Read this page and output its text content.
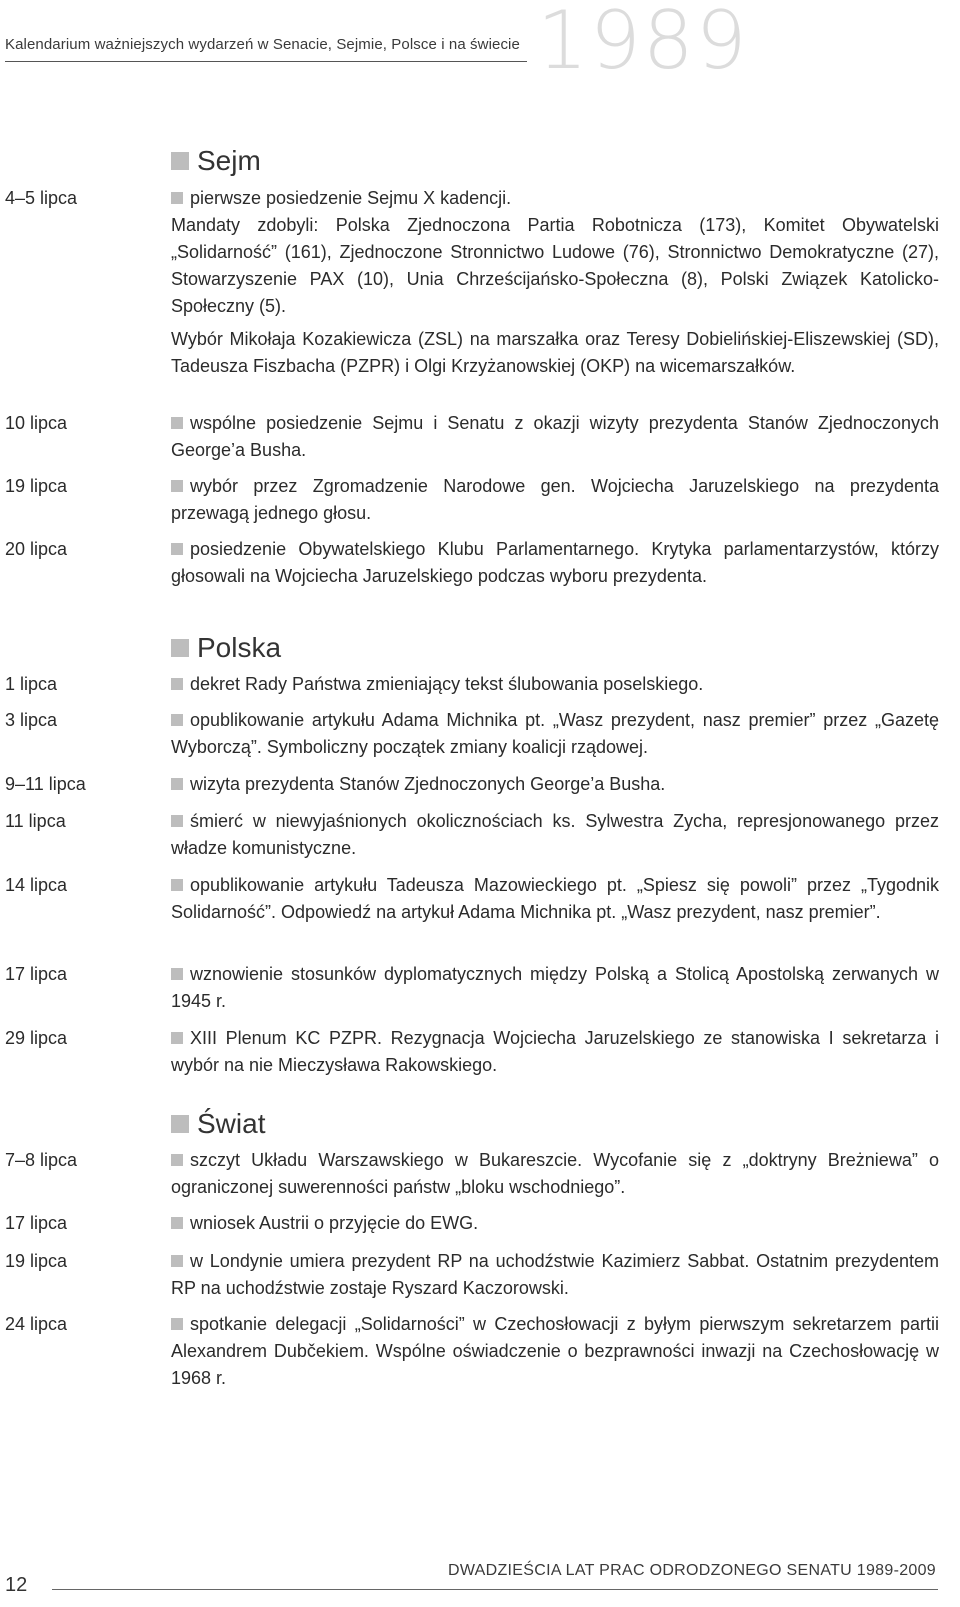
Kalendarium ważniejszych wydarzeń w Senacie, Sejmie, Polsce i na świecie 1989
Sejm
4–5 lipca	pierwsze posiedzenie Sejmu X kadencji.
Mandaty zdobyli: Polska Zjednoczona Partia Robotnicza (173), Komitet Obywatelski „Solidarność” (161), Zjednoczone Stronnictwo Ludowe (76), Stronnictwo Demokratyczne (27), Stowarzyszenie PAX (10), Unia Chrześcijańsko-Społeczna (8), Polski Związek Katolicko-Społeczny (5).

Wybór Mikołaja Kozakiewicza (ZSL) na marszałka oraz Teresy Dobielińskiej-Eliszewskiej (SD), Tadeusza Fiszbacha (PZPR) i Olgi Krzyżanowskiej (OKP) na wicemarszałków.

10 lipca	wspólne posiedzenie Sejmu i Senatu z okazji wizyty prezydenta Stanów Zjednoczonych George’a Busha.
19 lipca	wybór przez Zgromadzenie Narodowe gen. Wojciecha Jaruzelskiego na prezydenta przewagą jednego głosu.
20 lipca	posiedzenie Obywatelskiego Klubu Parlamentarnego. Krytyka parlamentarzystów, którzy głosowali na Wojciecha Jaruzelskiego podczas wyboru prezydenta.
Polska
1 lipca	dekret Rady Państwa zmieniający tekst ślubowania poselskiego.
3 lipca	opublikowanie artykułu Adama Michnika pt. „Wasz prezydent, nasz premier” przez „Gazetę Wyborczą”. Symboliczny początek zmiany koalicji rządowej.
9–11 lipca	wizyta prezydenta Stanów Zjednoczonych George’a Busha.
11 lipca	śmierć w niewyjaśnionych okolicznościach ks. Sylwestra Zycha, represjonowanego przez władze komunistyczne.
14 lipca	opublikowanie artykułu Tadeusza Mazowieckiego pt. „Spiesz się powoli” przez „Tygodnik Solidarność”. Odpowiedź na artykuł Adama Michnika pt. „Wasz prezydent, nasz premier”.
17 lipca	wznowienie stosunków dyplomatycznych między Polską a Stolicą Apostolską zerwanych w 1945 r.
29 lipca	XIII Plenum KC PZPR. Rezygnacja Wojciecha Jaruzelskiego ze stanowiska I sekretarza i wybór na nie Mieczysława Rakowskiego.
Świat
7–8 lipca	szczyt Układu Warszawskiego w Bukareszcie. Wycofanie się z „doktryny Breżniewa” o ograniczonej suwerenności państw „bloku wschodniego”.
17 lipca	wniosek Austrii o przyjęcie do EWG.
19 lipca	w Londynie umiera prezydent RP na uchodźstwie Kazimierz Sabbat. Ostatnim prezydentem RP na uchodźstwie zostaje Ryszard Kaczorowski.
24 lipca	spotkanie delegacji „Solidarności” w Czechosłowacji z byłym pierwszym sekretarzem partii Alexandrem Dubčekiem. Wspólne oświadczenie o bezprawności inwazji na Czechosłowację w 1968 r.
DWADZIEŚCIA LAT PRAC ODRODZONEGO SENATU 1989-2009
12
